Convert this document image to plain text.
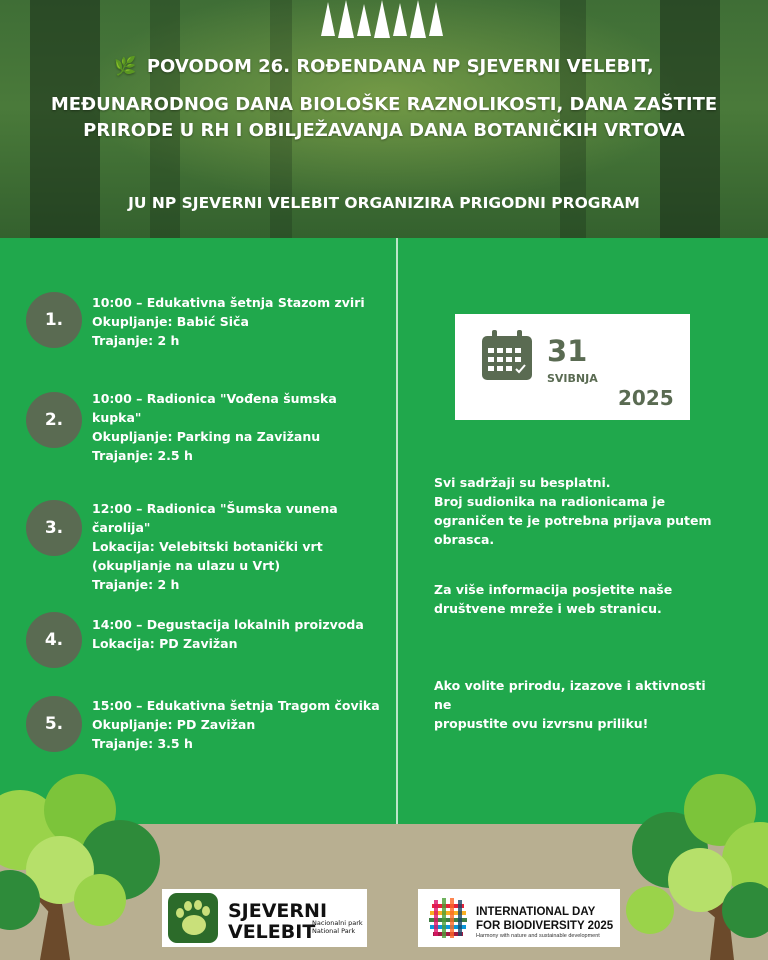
🌿 POVODOM 26. ROĐENDANA NP SJEVERNI VELEBIT,
MEĐUNARODNOG DANA BIOLOŠKE RAZNOLIKOSTI, DANA ZAŠTITE
PRIRODE U RH I OBILJEŽAVANJA DANA BOTANIČKIH VRTOVA
JU NP SJEVERNI VELEBIT ORGANIZIRA PRIGODNI PROGRAM
1.
10:00 – Edukativna šetnja Stazom zviri
Okupljanje: Babić Siča
Trajanje: 2 h
2.
10:00 – Radionica "Vođena šumska
kupka"
Okupljanje: Parking na Zavižanu
Trajanje: 2.5 h
3.
12:00 – Radionica "Šumska vunena
čarolija"
Lokacija: Velebitski botanički vrt
(okupljanje na ulazu u Vrt)
Trajanje: 2 h
4.
14:00 – Degustacija lokalnih proizvoda
Lokacija: PD Zavižan
5.
15:00 – Edukativna šetnja Tragom čovika
Okupljanje: PD Zavižan
Trajanje: 3.5 h
31
SVIBNJA
2025
Svi sadržaji su besplatni.
Broj sudionika na radionicama je
ograničen te je potrebna prijava putem
obrasca.
Za više informacija posjetite naše
društvene mreže i web stranicu.
Ako volite prirodu, izazove i aktivnosti ne
propustite ovu izvrsnu priliku!
SJEVERNI
VELEBIT
Nacionalni park
National Park
INTERNATIONAL DAY
FOR BIODIVERSITY 2025
Harmony with nature and sustainable development
